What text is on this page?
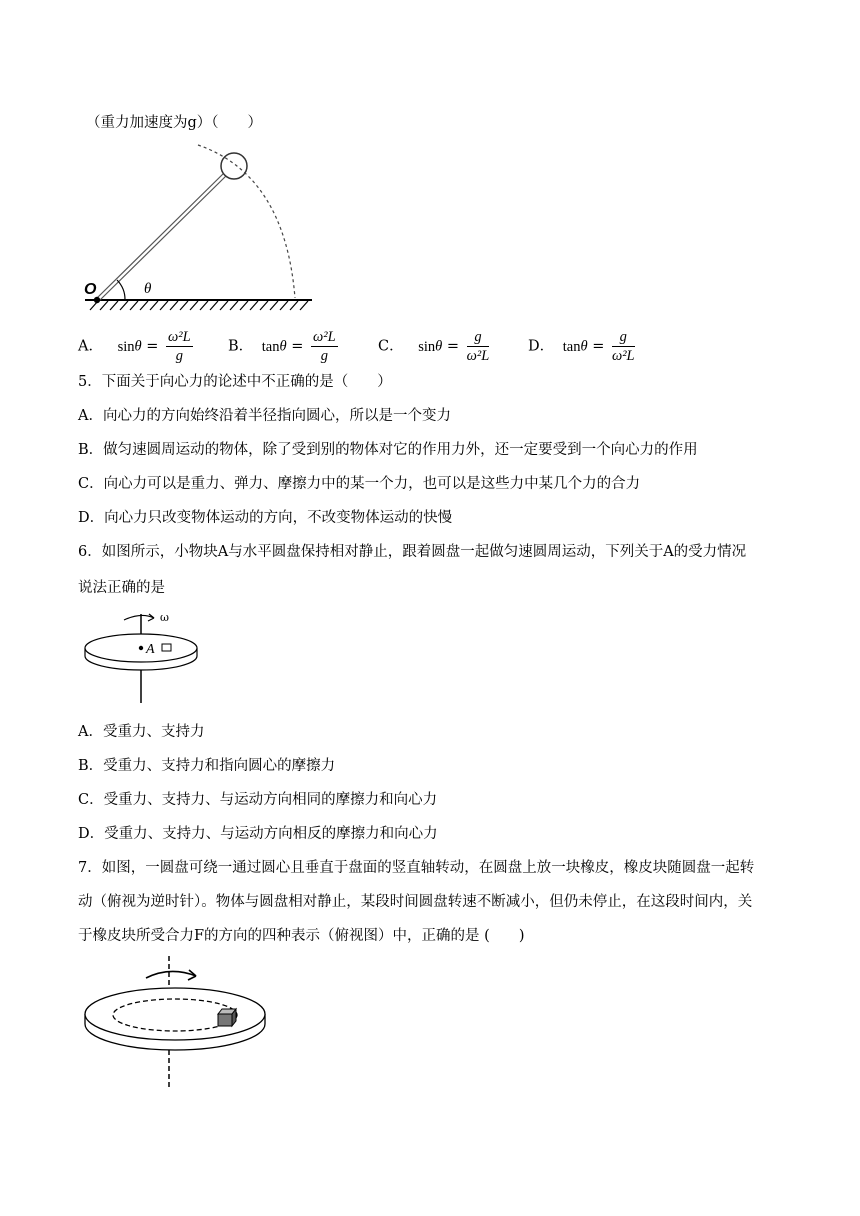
（重力加速度为g）（　　）
O	θ
A． $\sin\theta = \frac{\text{ω²L}}{g}$ B． $\tan\theta = \frac{\text{ω²L}}{g}$	C． $\sin\theta = \frac{g}{\text{ω²L}}$	D． $\tan\theta = \frac{g}{\text{ω²L}}$
5．下面关于向心力的论述中不正确的是（　　）
A．向心力的方向始终沿着半径指向圆心，所以是一个变力
B．做匀速圆周运动的物体，除了受到别的物体对它的作用力外，还一定要受到一个向心力的作用
C．向心力可以是重力、弹力、摩擦力中的某一个力，也可以是这些力中某几个力的合力
D．向心力只改变物体运动的方向，不改变物体运动的快慢
6．如图所示，小物块A与水平圆盘保持相对静止，跟着圆盘一起做匀速圆周运动，下列关于A的受力情况
说法正确的是
ω
A
A．受重力、支持力
B．受重力、支持力和指向圆心的摩擦力
C．受重力、支持力、与运动方向相同的摩擦力和向心力
D．受重力、支持力、与运动方向相反的摩擦力和向心力
7．如图，一圆盘可绕一通过圆心且垂直于盘面的竖直轴转动，在圆盘上放一块橡皮，橡皮块随圆盘一起转
动（俯视为逆时针）。物体与圆盘相对静止，某段时间圆盘转速不断减小，但仍未停止，在这段时间内，关
于橡皮块所受合力F的方向的四种表示（俯视图）中，正确的是 (　　)
